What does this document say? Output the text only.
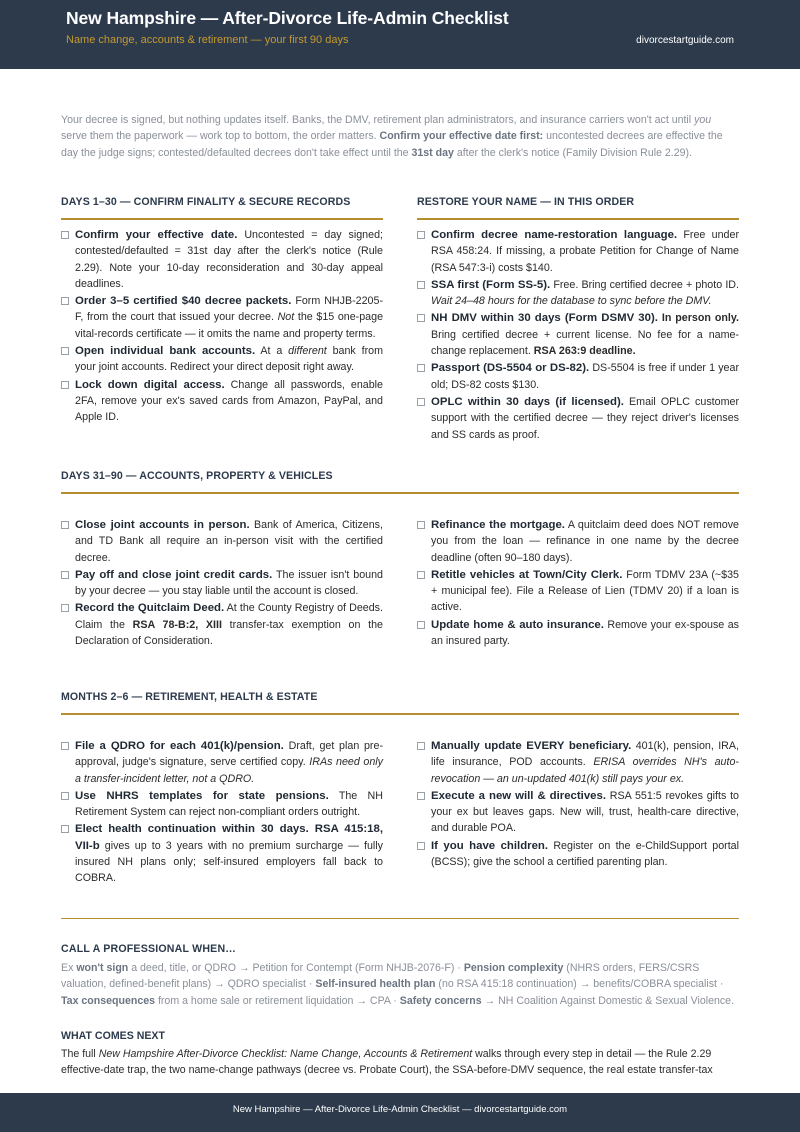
New Hampshire — After-Divorce Life-Admin Checklist
Name change, accounts & retirement — your first 90 days	divorcestartguide.com
Your decree is signed, but nothing updates itself. Banks, the DMV, retirement plan administrators, and insurance carriers won't act until you serve them the paperwork — work top to bottom, the order matters. Confirm your effective date first: uncontested decrees are effective the day the judge signs; contested/defaulted decrees don't take effect until the 31st day after the clerk's notice (Family Division Rule 2.29).
DAYS 1–30 — CONFIRM FINALITY & SECURE RECORDS
Confirm your effective date. Uncontested = day signed; contested/defaulted = 31st day after the clerk's notice (Rule 2.29). Note your 10-day reconsideration and 30-day appeal deadlines.
Order 3–5 certified $40 decree packets. Form NHJB-2205-F, from the court that issued your decree. Not the $15 one-page vital-records certificate — it omits the name and property terms.
Open individual bank accounts. At a different bank from your joint accounts. Redirect your direct deposit right away.
Lock down digital access. Change all passwords, enable 2FA, remove your ex's saved cards from Amazon, PayPal, and Apple ID.
RESTORE YOUR NAME — IN THIS ORDER
Confirm decree name-restoration language. Free under RSA 458:24. If missing, a probate Petition for Change of Name (RSA 547:3-i) costs $140.
SSA first (Form SS-5). Free. Bring certified decree + photo ID. Wait 24–48 hours for the database to sync before the DMV.
NH DMV within 30 days (Form DSMV 30). In person only. Bring certified decree + current license. No fee for a name-change replacement. RSA 263:9 deadline.
Passport (DS-5504 or DS-82). DS-5504 is free if under 1 year old; DS-82 costs $130.
OPLC within 30 days (if licensed). Email OPLC customer support with the certified decree — they reject driver's licenses and SS cards as proof.
DAYS 31–90 — ACCOUNTS, PROPERTY & VEHICLES
Close joint accounts in person. Bank of America, Citizens, and TD Bank all require an in-person visit with the certified decree.
Pay off and close joint credit cards. The issuer isn't bound by your decree — you stay liable until the account is closed.
Record the Quitclaim Deed. At the County Registry of Deeds. Claim the RSA 78-B:2, XIII transfer-tax exemption on the Declaration of Consideration.
Refinance the mortgage. A quitclaim deed does NOT remove you from the loan — refinance in one name by the decree deadline (often 90–180 days).
Retitle vehicles at Town/City Clerk. Form TDMV 23A (~$35 + municipal fee). File a Release of Lien (TDMV 20) if a loan is active.
Update home & auto insurance. Remove your ex-spouse as an insured party.
MONTHS 2–6 — RETIREMENT, HEALTH & ESTATE
File a QDRO for each 401(k)/pension. Draft, get plan pre-approval, judge's signature, serve certified copy. IRAs need only a transfer-incident letter, not a QDRO.
Use NHRS templates for state pensions. The NH Retirement System can reject non-compliant orders outright.
Elect health continuation within 30 days. RSA 415:18, VII-b gives up to 3 years with no premium surcharge — fully insured NH plans only; self-insured employers fall back to COBRA.
Manually update EVERY beneficiary. 401(k), pension, IRA, life insurance, POD accounts. ERISA overrides NH's auto-revocation — an un-updated 401(k) still pays your ex.
Execute a new will & directives. RSA 551:5 revokes gifts to your ex but leaves gaps. New will, trust, health-care directive, and durable POA.
If you have children. Register on the e-ChildSupport portal (BCSS); give the school a certified parenting plan.
CALL A PROFESSIONAL WHEN…
Ex won't sign a deed, title, or QDRO → Petition for Contempt (Form NHJB-2076-F) · Pension complexity (NHRS orders, FERS/CSRS valuation, defined-benefit plans) → QDRO specialist · Self-insured health plan (no RSA 415:18 continuation) → benefits/COBRA specialist · Tax consequences from a home sale or retirement liquidation → CPA · Safety concerns → NH Coalition Against Domestic & Sexual Violence.
WHAT COMES NEXT
The full New Hampshire After-Divorce Checklist: Name Change, Accounts & Retirement walks through every step in detail — the Rule 2.29 effective-date trap, the two name-change pathways (decree vs. Probate Court), the SSA-before-DMV sequence, the real estate transfer-tax
New Hampshire — After-Divorce Life-Admin Checklist — divorcestartguide.com
